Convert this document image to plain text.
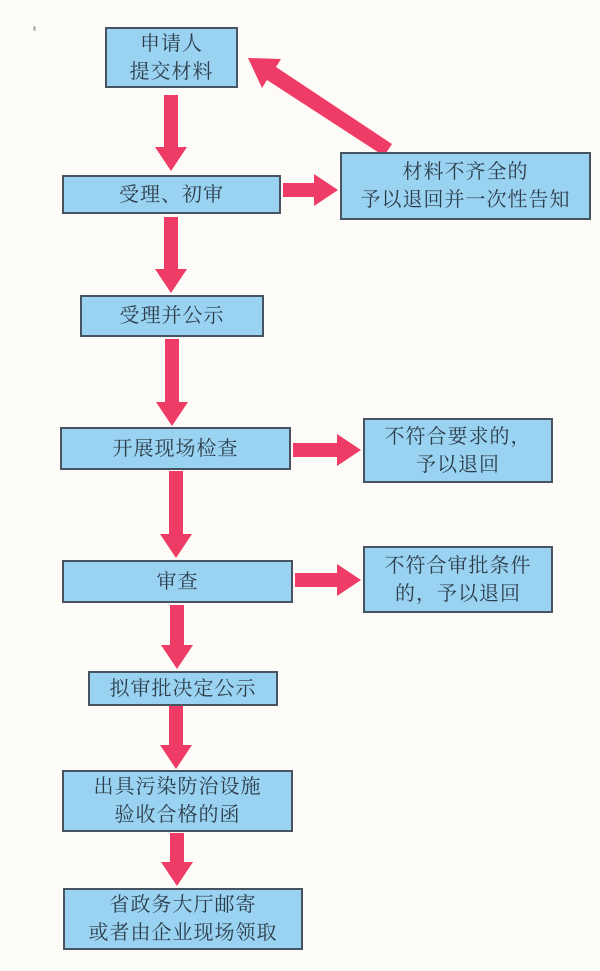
申请人
提交材料
受理、初审
受理并公示
开展现场检查
审查
拟审批决定公示
出具污染防治设施
验收合格的函
省政务大厅邮寄
或者由企业现场领取
材料不齐全的
予以退回并一次性告知
不符合要求的，
予以退回
不符合审批条件
的，予以退回
